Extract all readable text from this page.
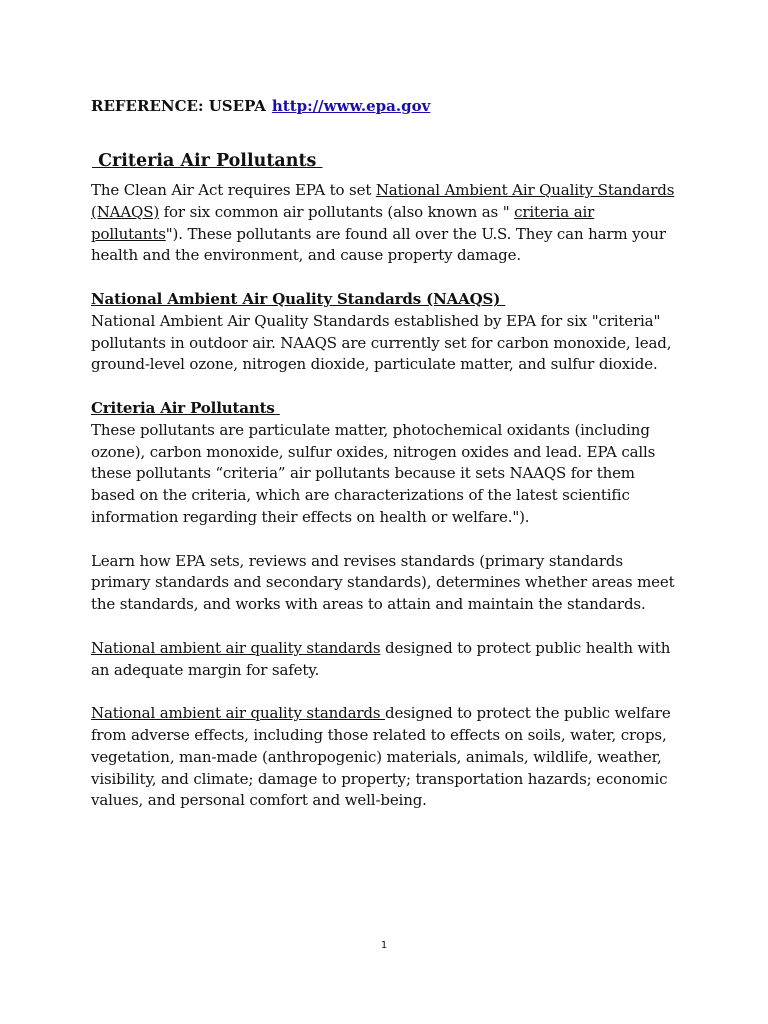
REFERENCE: USEPA http://www.epa.gov
Criteria Air Pollutants

The Clean Air Act requires EPA to set National Ambient Air Quality Standards (NAAQS) for six common air pollutants (also known as " criteria air pollutants"). These pollutants are found all over the U.S. They can harm your health and the environment, and cause property damage.

National Ambient Air Quality Standards (NAAQS)
National Ambient Air Quality Standards established by EPA for six "criteria" pollutants in outdoor air. NAAQS are currently set for carbon monoxide, lead, ground-level ozone, nitrogen dioxide, particulate matter, and sulfur dioxide.

Criteria Air Pollutants
These pollutants are particulate matter, photochemical oxidants (including ozone), carbon monoxide, sulfur oxides, nitrogen oxides and lead. EPA calls these pollutants “criteria” air pollutants because it sets NAAQS for them based on the criteria, which are characterizations of the latest scientific information regarding their effects on health or welfare.").

Learn how EPA sets, reviews and revises standards (primary standards primary standards and secondary standards), determines whether areas meet the standards, and works with areas to attain and maintain the standards.

National ambient air quality standards designed to protect public health with an adequate margin for safety.

National ambient air quality standards designed to protect the public welfare from adverse effects, including those related to effects on soils, water, crops, vegetation, man-made (anthropogenic) materials, animals, wildlife, weather, visibility, and climate; damage to property; transportation hazards; economic values, and personal comfort and well-being.

1
